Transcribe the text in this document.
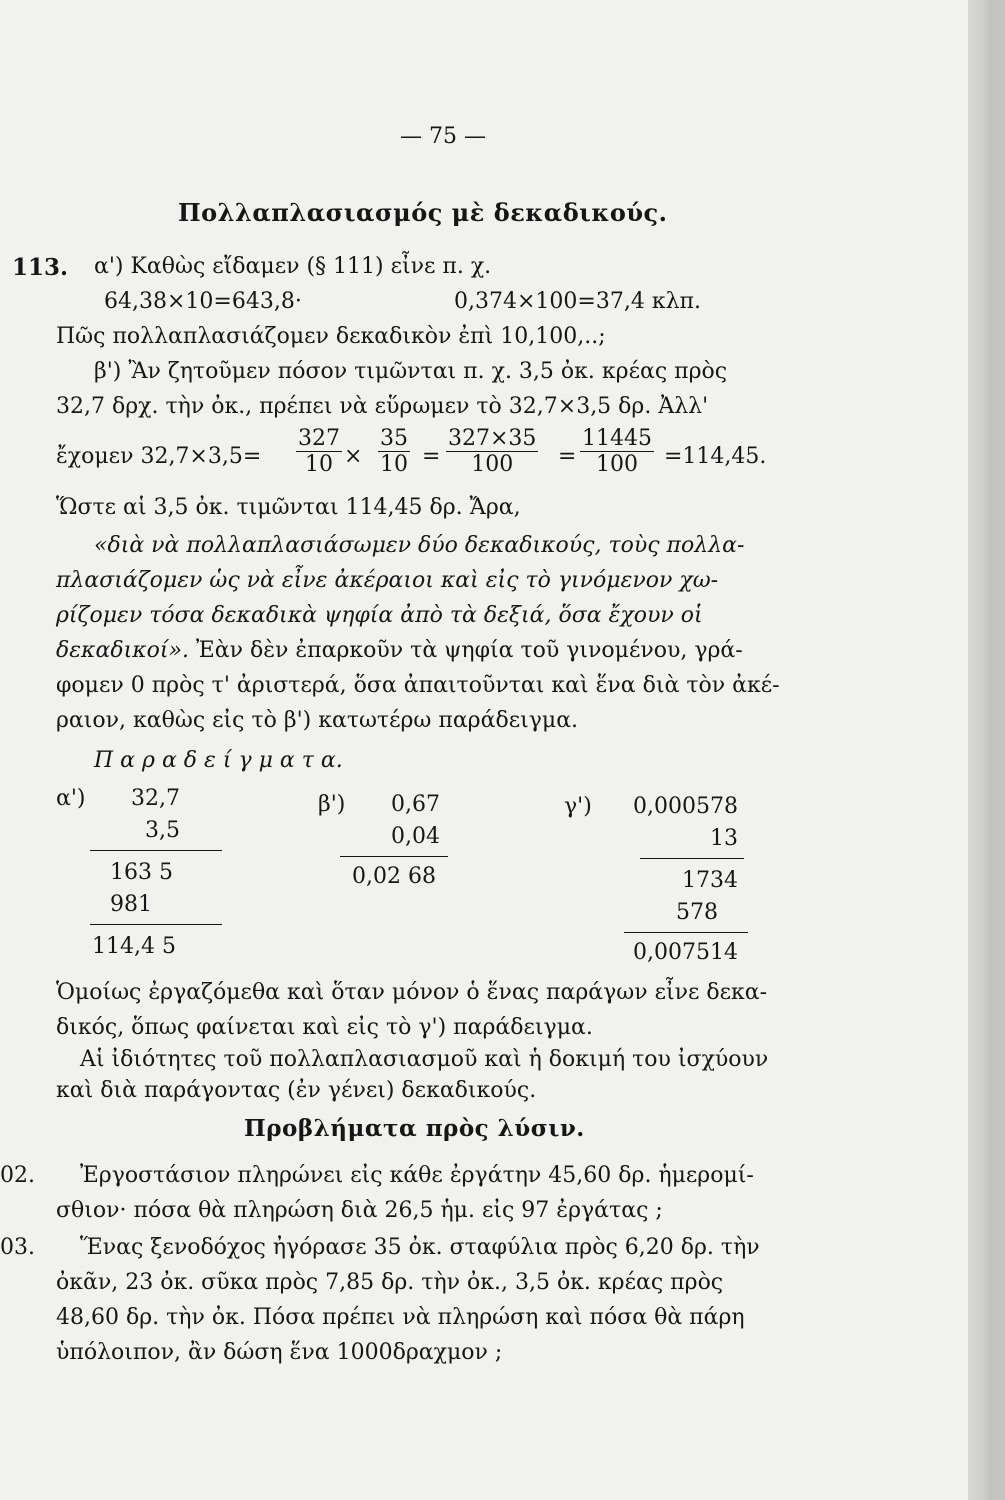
— 75 —
Πολλαπλασιασμός μὲ δεκαδικούς.
113. α') Καθὼς εἴδαμεν (§ 111) εἶνε π. χ.
64,38×10=643,8·	0,374×100=37,4 κλπ.
Πῶς πολλαπλασιάζομεν δεκαδικὸν ἐπὶ 10,100,..;
β') Ἂν ζητοῦμεν πόσον τιμῶνται π. χ. 3,5 ὀκ. κρέας πρὸς
32,7 δρχ. τὴν ὀκ., πρέπει νὰ εὕρωμεν τὸ 32,7×3,5 δρ. Ἀλλ'
ἔχομεν $32,7\times 3,5= \frac{327}{10} \times \frac{35}{10} = \frac{327\times 35}{100} = \frac{11445}{100} =114,45$.
Ὥστε αἱ 3,5 ὀκ. τιμῶνται 114,45 δρ. Ἄρα,
«διὰ νὰ πολλαπλασιάσωμεν δύο δεκαδικούς, τοὺς πολλα-
πλασιάζομεν ὡς νὰ εἶνε ἀκέραιοι καὶ εἰς τὸ γινόμενον χω-
ρίζομεν τόσα δεκαδικὰ ψηφία ἀπὸ τὰ δεξιά, ὅσα ἔχουν οἱ
δεκαδικοί». Ἐὰν δὲν ἐπαρκοῦν τὰ ψηφία τοῦ γινομένου, γρά-
φομεν 0 πρὸς τ' ἀριστερά, ὅσα ἀπαιτοῦνται καὶ ἕνα διὰ τὸν ἀκέ-
ραιον, καθὼς εἰς τὸ β') κατωτέρω παράδειγμα.
Π α ρ α δ ε ί γ μ α τ α.
α')	32,7
3,5
163 5
981
114,4 5
β')	0,67
0,04
0,02 68
γ')	0,000578
13
1734
578
0,007514
Ὁμοίως ἐργαζόμεθα καὶ ὅταν μόνον ὁ ἕνας παράγων εἶνε δεκα-
δικός, ὅπως φαίνεται καὶ εἰς τὸ γ') παράδειγμα.
Αἱ ἰδιότητες τοῦ πολλαπλασιασμοῦ καὶ ἡ δοκιμή του ἰσχύουν
καὶ διὰ παράγοντας (ἐν γένει) δεκαδικούς.
Προβλήματα πρὸς λύσιν.
02. Ἐργοστάσιον πληρώνει εἰς κάθε ἐργάτην 45,60 δρ. ἡμερομί-
σθιον· πόσα θὰ πληρώση διὰ 26,5 ἡμ. εἰς 97 ἐργάτας ;
03. Ἕνας ξενοδόχος ἠγόρασε 35 ὀκ. σταφύλια πρὸς 6,20 δρ. τὴν
ὀκᾶν, 23 ὀκ. σῦκα πρὸς 7,85 δρ. τὴν ὀκ., 3,5 ὀκ. κρέας πρὸς
48,60 δρ. τὴν ὀκ. Πόσα πρέπει νὰ πληρώση καὶ πόσα θὰ πάρη
ὑπόλοιπον, ἂν δώση ἕνα 1000δραχμον ;
